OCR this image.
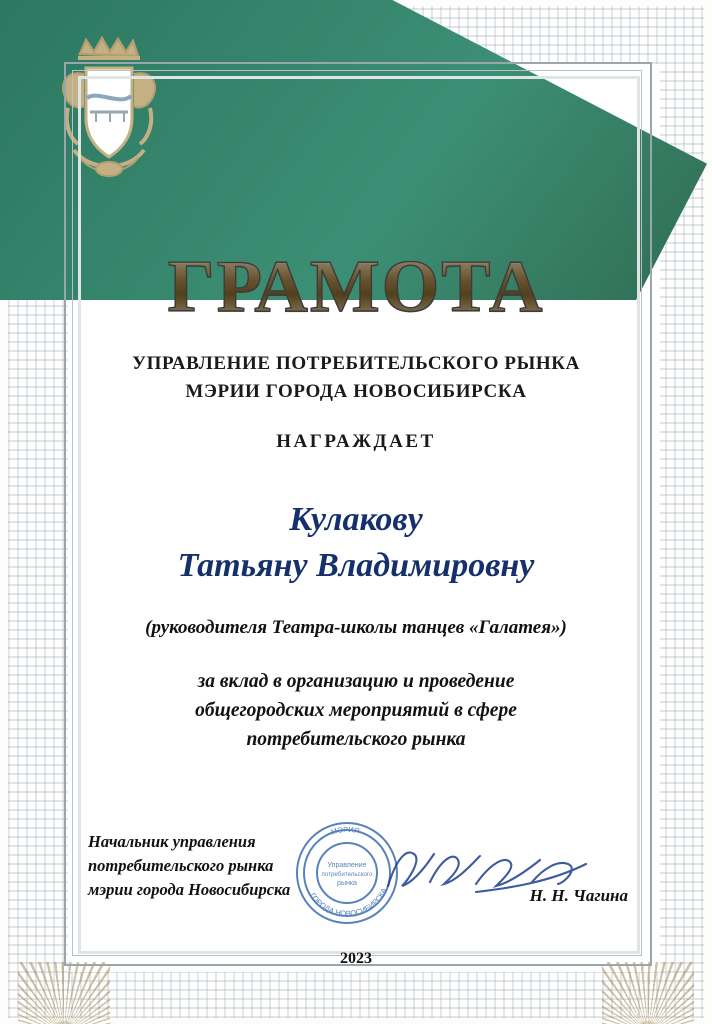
ГРАМОТА
УПРАВЛЕНИЕ ПОТРЕБИТЕЛЬСКОГО РЫНКА
МЭРИИ ГОРОДА НОВОСИБИРСКА
НАГРАЖДАЕТ
Кулакову
Татьяну Владимировну
(руководителя Театра-школы танцев «Галатея»)
за вклад в организацию и проведение
общегородских мероприятий в сфере
потребительского рынка
Начальник управления
потребительского рынка
мэрии города Новосибирска
МЭРИЯ
ГОРОДА НОВОСИБИРСКА
Управление
потребительского
рынка
Н. Н. Чагина
2023
